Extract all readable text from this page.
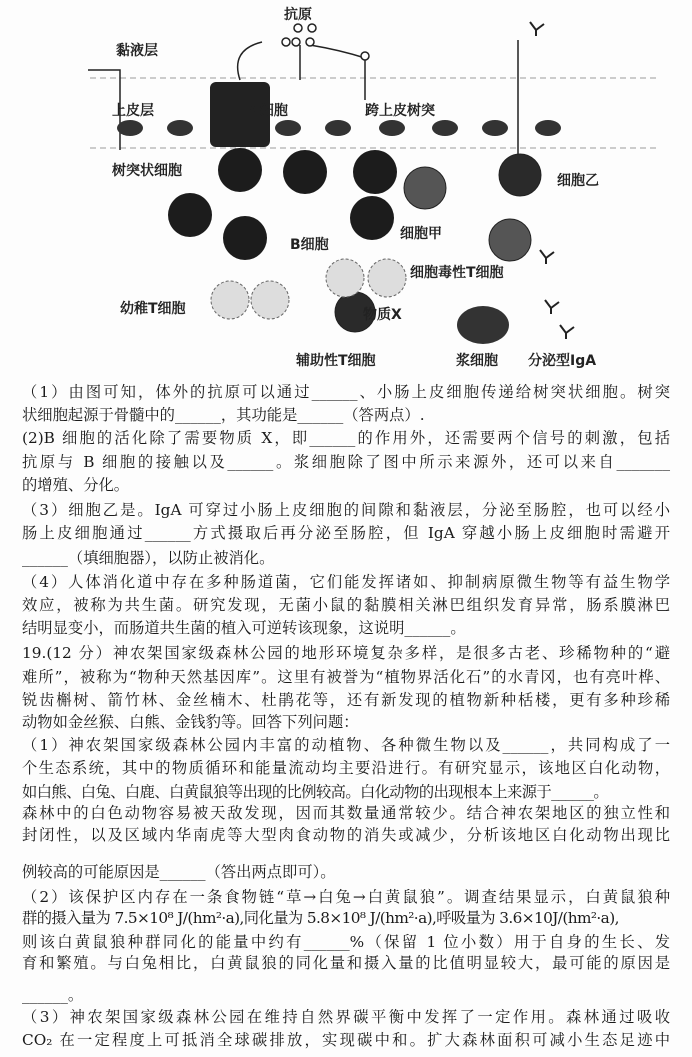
抗原
黏液层
上皮层	M细胞	跨上皮树突
树突状细胞
细胞乙
细胞甲
B细胞
细胞毒性T细胞
幼稚T细胞	物质X
辅助性T细胞	浆细胞 分泌型IgA
（1）由图可知，体外的抗原可以通过______、小肠上皮细胞传递给树突状细胞。树突
状细胞起源于骨髓中的______，其功能是______（答两点）.
(2)B 细胞的活化除了需要物质 X，即______的作用外，还需要两个信号的刺激，包括
抗原与 B 细胞的接触以及______。浆细胞除了图中所示来源外，还可以来自_______
的增殖、分化。
（3）细胞乙是。IgA 可穿过小肠上皮细胞的间隙和黏液层，分泌至肠腔，也可以经小
肠上皮细胞通过______方式摄取后再分泌至肠腔，但 IgA 穿越小肠上皮细胞时需避开
______（填细胞器），以防止被消化。
（4）人体消化道中存在多种肠道菌，它们能发挥诸如、抑制病原微生物等有益生物学
效应，被称为共生菌。研究发现，无菌小鼠的黏膜相关淋巴组织发育异常，肠系膜淋巴
结明显变小，而肠道共生菌的植入可逆转该现象，这说明______。
19.(12 分）神农架国家级森林公园的地形环境复杂多样，是很多古老、珍稀物种的“避
难所”，被称为“物种天然基因库”。这里有被誉为“植物界活化石”的水青冈，也有亮叶桦、
锐齿槲树、箭竹林、金丝楠木、杜鹃花等，还有新发现的植物新种栝楼，更有多种珍稀
动物如金丝猴、白熊、金钱豹等。回答下列问题：
（1）神农架国家级森林公园内丰富的动植物、各种微生物以及______，共同构成了一
个生态系统，其中的物质循环和能量流动均主要沿进行。有研究显示，该地区白化动物，
如白熊、白兔、白鹿、白黄鼠狼等出现的比例较高。白化动物的出现根本上来源于______。
森林中的白色动物容易被天敌发现，因而其数量通常较少。结合神农架地区的独立性和
封闭性，以及区域内华南虎等大型肉食动物的消失或减少，分析该地区白化动物出现比
例较高的可能原因是______（答出两点即可）。
（2）该保护区内存在一条食物链“草→白兔→白黄鼠狼”。调查结果显示，白黄鼠狼种
群的摄入量为 7.5×10⁸ J/(hm²·a),同化量为 5.8×10⁸ J/(hm²·a),呼吸量为 3.6×10J/(hm²·a),
则该白黄鼠狼种群同化的能量中约有______%（保留 1 位小数）用于自身的生长、发
育和繁殖。与白兔相比，白黄鼠狼的同化量和摄入量的比值明显较大，最可能的原因是
______。
（3）神农架国家级森林公园在维持自然界碳平衡中发挥了一定作用。森林通过吸收
CO₂ 在一定程度上可抵消全球碳排放，实现碳中和。扩大森林面积可减小生态足迹中
